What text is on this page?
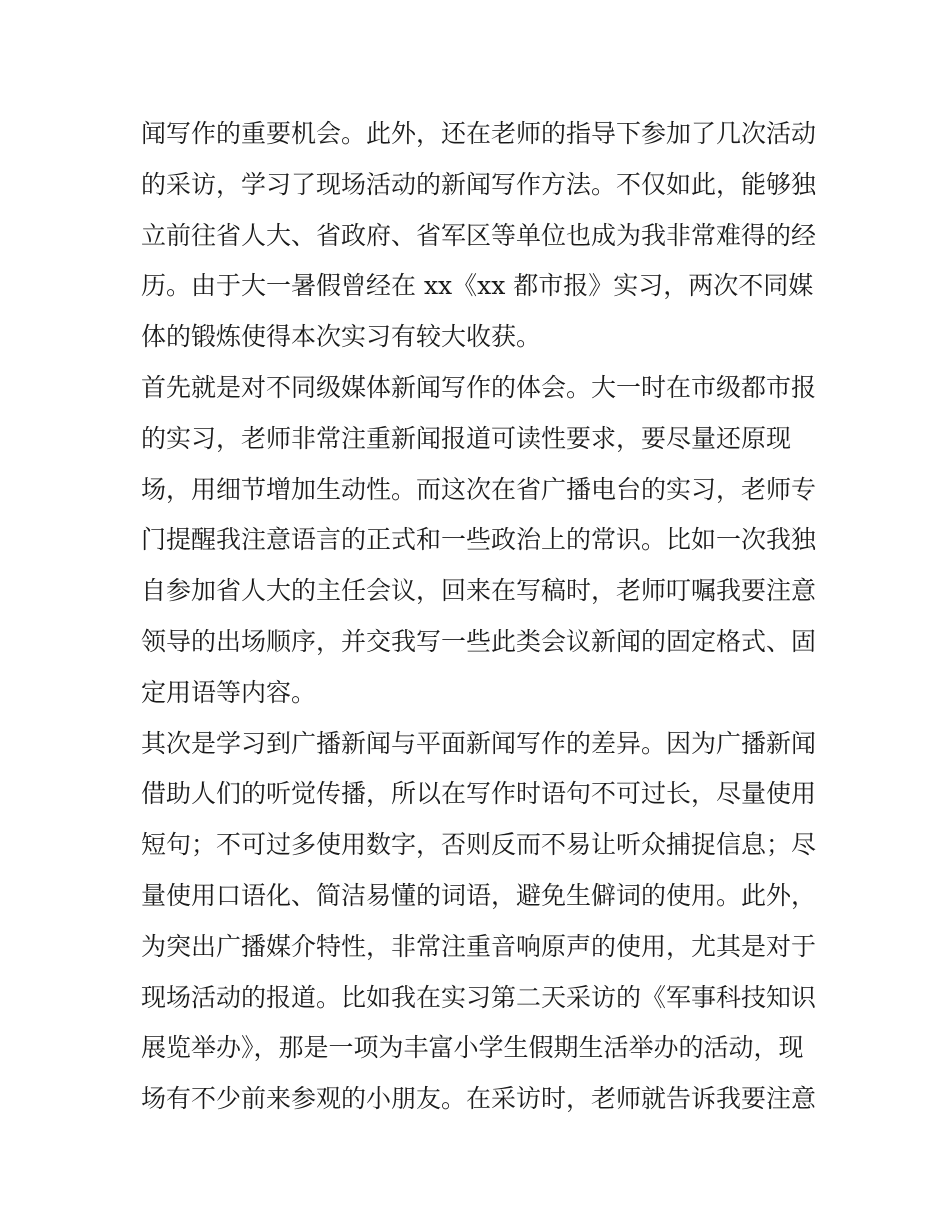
闻写作的重要机会。此外，还在老师的指导下参加了几次活动
的采访，学习了现场活动的新闻写作方法。不仅如此，能够独
立前往省人大、省政府、省军区等单位也成为我非常难得的经
历。由于大一暑假曾经在 xx《xx 都市报》实习，两次不同媒
体的锻炼使得本次实习有较大收获。
首先就是对不同级媒体新闻写作的体会。大一时在市级都市报
的实习，老师非常注重新闻报道可读性要求，要尽量还原现
场，用细节增加生动性。而这次在省广播电台的实习，老师专
门提醒我注意语言的正式和一些政治上的常识。比如一次我独
自参加省人大的主任会议，回来在写稿时，老师叮嘱我要注意
领导的出场顺序，并交我写一些此类会议新闻的固定格式、固
定用语等内容。
其次是学习到广播新闻与平面新闻写作的差异。因为广播新闻
借助人们的听觉传播，所以在写作时语句不可过长，尽量使用
短句；不可过多使用数字，否则反而不易让听众捕捉信息；尽
量使用口语化、简洁易懂的词语，避免生僻词的使用。此外，
为突出广播媒介特性，非常注重音响原声的使用，尤其是对于
现场活动的报道。比如我在实习第二天采访的《军事科技知识
展览举办》，那是一项为丰富小学生假期生活举办的活动，现
场有不少前来参观的小朋友。在采访时，老师就告诉我要注意
